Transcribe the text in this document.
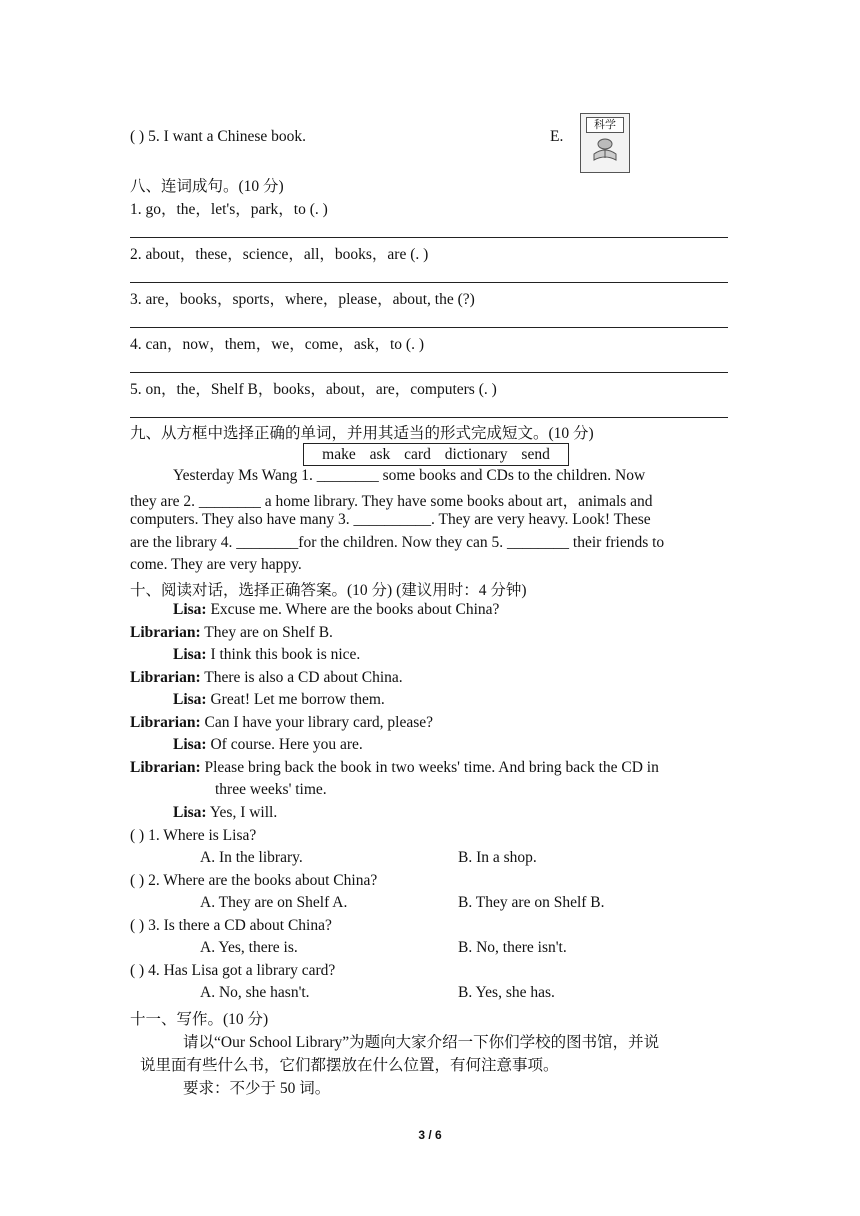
( ) 5. I want a Chinese book.	E.
科学
八、连词成句。(10 分)
1. go，the，let's，park，to (. )
2. about，these，science，all，books，are (. )
3. are，books，sports，where，please，about, the (?)
4. can，now，them，we，come，ask，to (. )
5. on，the，Shelf B，books，about，are，computers (. )
九、从方框中选择正确的单词，并用其适当的形式完成短文。(10 分)
make ask card dictionary send
Yesterday Ms Wang 1. ________ some books and CDs to the children. Now
they are 2. ________ a home library. They have some books about art，animals and
computers. They also have many 3. __________. They are very heavy. Look! These
are the library 4. ________for the children. Now they can 5. ________ their friends to
come. They are very happy.
十、阅读对话，选择正确答案。(10 分) (建议用时：4 分钟)
Lisa: Excuse me. Where are the books about China?
Librarian: They are on Shelf B.
Lisa: I think this book is nice.
Librarian: There is also a CD about China.
Lisa: Great! Let me borrow them.
Librarian: Can I have your library card, please?
Lisa: Of course. Here you are.
Librarian: Please bring back the book in two weeks' time. And bring back the CD in
three weeks' time.
Lisa: Yes, I will.
( ) 1. Where is Lisa?
A. In the library.	B. In a shop.
( ) 2. Where are the books about China?
A. They are on Shelf A.	B. They are on Shelf B.
( ) 3. Is there a CD about China?
A. Yes, there is.	B. No, there isn't.
( ) 4. Has Lisa got a library card?
A. No, she hasn't.	B. Yes, she has.
十一、写作。(10 分)
请以“Our School Library”为题向大家介绍一下你们学校的图书馆，并说
说里面有些什么书，它们都摆放在什么位置，有何注意事项。
要求：不少于 50 词。
3 / 6
